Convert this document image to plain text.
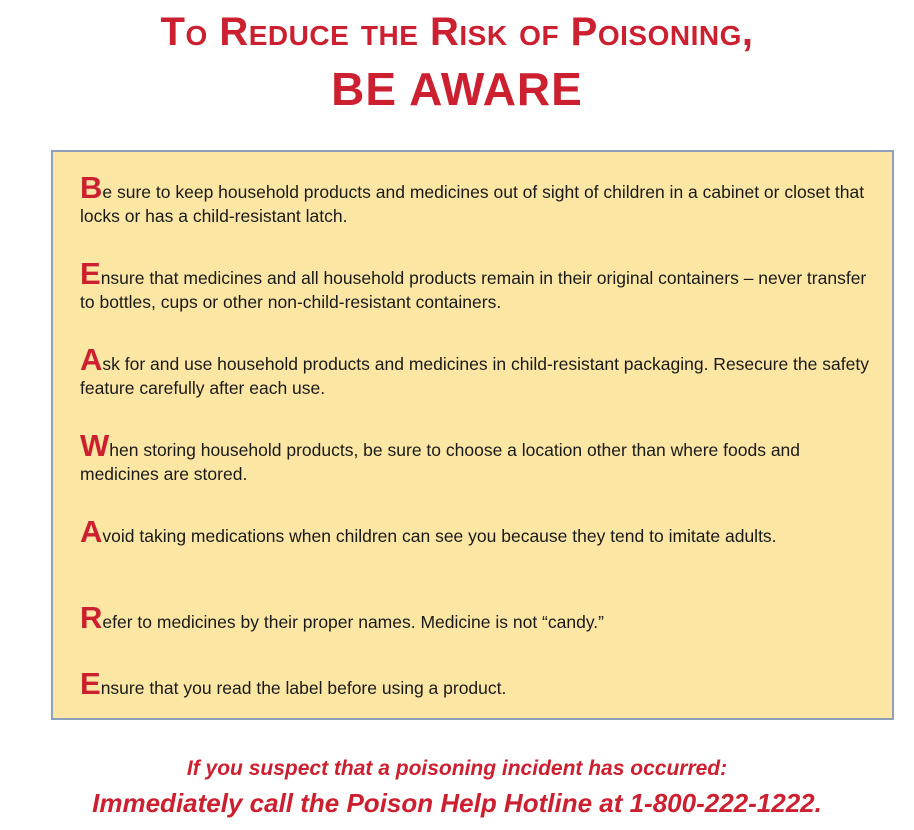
To Reduce the Risk of Poisoning,
BE AWARE

Be sure to keep household products and medicines out of sight of children in a cabinet or closet that locks or has a child-resistant latch.

Ensure that medicines and all household products remain in their original containers – never transfer to bottles, cups or other non-child-resistant containers.

Ask for and use household products and medicines in child-resistant packaging. Resecure the safety feature carefully after each use.

When storing household products, be sure to choose a location other than where foods and medicines are stored.

Avoid taking medications when children can see you because they tend to imitate adults.

Refer to medicines by their proper names. Medicine is not “candy.”

Ensure that you read the label before using a product.

If you suspect that a poisoning incident has occurred:

Immediately call the Poison Help Hotline at 1-800-222-1222.
